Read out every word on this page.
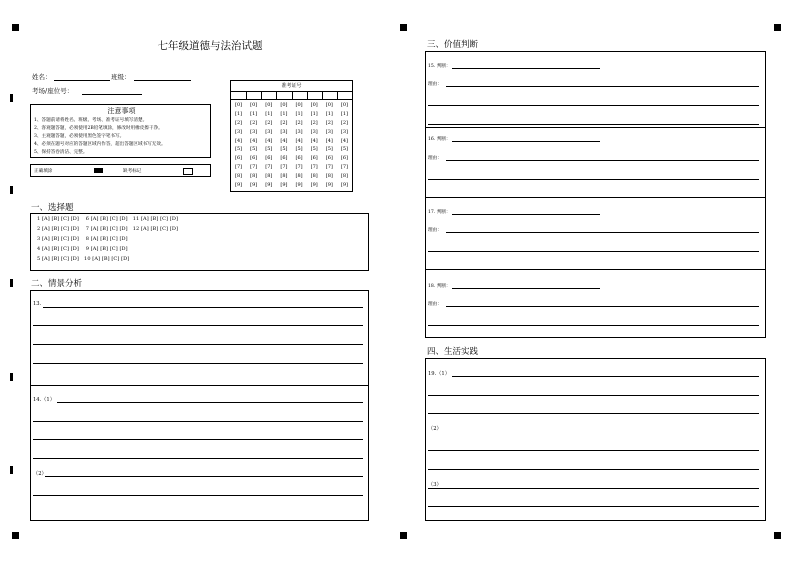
七年级道德与法治试题
姓名：	班级：
考场/座位号：
注意事项
1、答题前请将姓名、班级、考场、准考证号填写清楚。
2、客观题答题，必须使用2B铅笔填涂，修改时用橡皮擦干净。
3、主观题答题，必须使用黑色签字笔书写。
4、必须在题号对应的答题区域内作答，超出答题区域书写无效。
5、保持答卷清洁、完整。
正确填涂	缺考标记
准考证号
[0]
[1]
[2]
[3]
[4]
[5]
[6]
[7]
[8]
[9]
[0]
[1]
[2]
[3]
[4]
[5]
[6]
[7]
[8]
[9]
[0]
[1]
[2]
[3]
[4]
[5]
[6]
[7]
[8]
[9]
[0]
[1]
[2]
[3]
[4]
[5]
[6]
[7]
[8]
[9]
[0]
[1]
[2]
[3]
[4]
[5]
[6]
[7]
[8]
[9]
[0]
[1]
[2]
[3]
[4]
[5]
[6]
[7]
[8]
[9]
[0]
[1]
[2]
[3]
[4]
[5]
[6]
[7]
[8]
[9]
[0]
[1]
[2]
[3]
[4]
[5]
[6]
[7]
[8]
[9]
一、选择题
1 [A] [B] [C] [D]    6 [A] [B] [C] [D]   11 [A] [B] [C] [D]
2 [A] [B] [C] [D]    7 [A] [B] [C] [D]   12 [A] [B] [C] [D]
3 [A] [B] [C] [D]    8 [A] [B] [C] [D]
4 [A] [B] [C] [D]    9 [A] [B] [C] [D]
5 [A] [B] [C] [D]   10 [A] [B] [C] [D]
二、情景分析
13.
14.（1）
（2）
三、价值判断
15. 判断：
理由：
16. 判断：
理由：
17. 判断：
理由：
18. 判断：
理由：
四、生活实践
19.（1）
（2）
（3）
